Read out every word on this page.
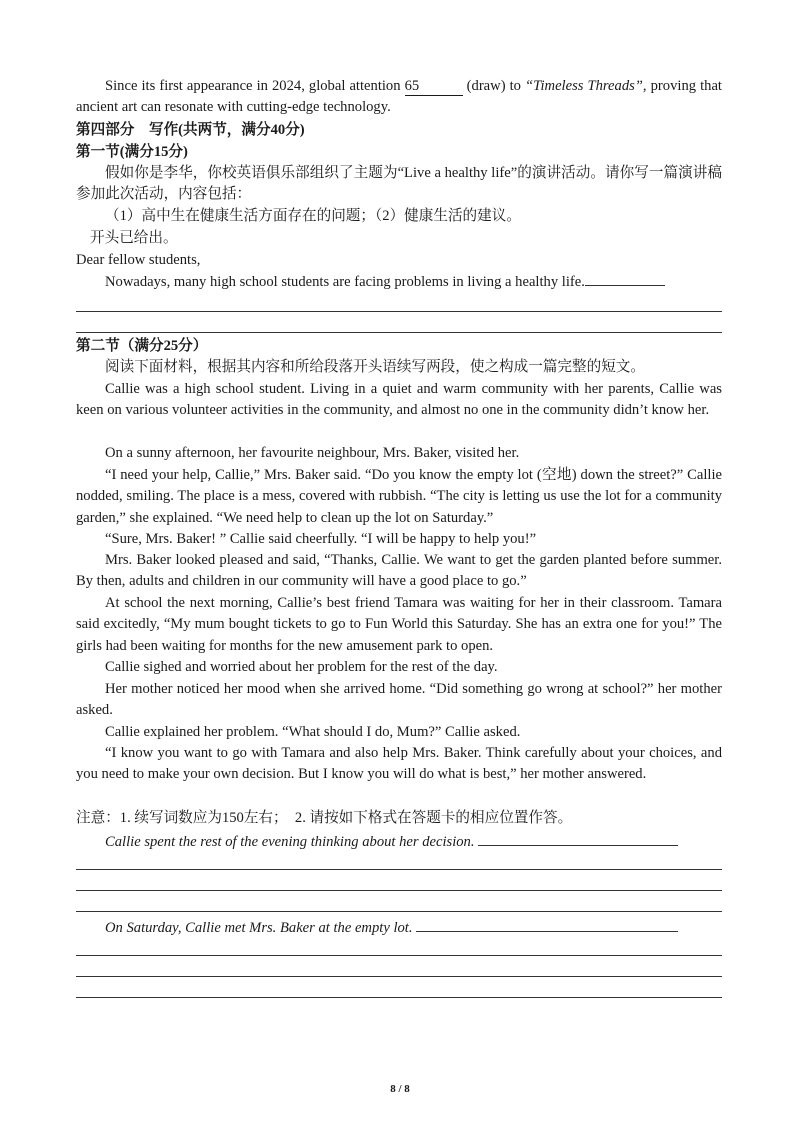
Since its first appearance in 2024, global attention 65	(draw) to “Timeless Threads”, proving that ancient art can resonate with cutting-edge technology.

第四部分　写作(共两节，满分40分)

第一节(满分15分)

假如你是李华，你校英语俱乐部组织了主题为“Live a healthy life”的演讲活动。请你写一篇演讲稿参加此次活动，内容包括：

（1）高中生在健康生活方面存在的问题；（2）健康生活的建议。

开头已给出。

Dear fellow students,

Nowadays, many high school students are facing problems in living a healthy life.

第二节（满分25分）

阅读下面材料，根据其内容和所给段落开头语续写两段，使之构成一篇完整的短文。

Callie was a high school student. Living in a quiet and warm community with her parents, Callie was keen on various volunteer activities in the community, and almost no one in the community didn’t know her.

On a sunny afternoon, her favourite neighbour, Mrs. Baker, visited her.

“I need your help, Callie,” Mrs. Baker said. “Do you know the empty lot (空地) down the street?” Callie nodded, smiling. The place is a mess, covered with rubbish. “The city is letting us use the lot for a community garden,” she explained. “We need help to clean up the lot on Saturday.”

“Sure, Mrs. Baker! ” Callie said cheerfully. “I will be happy to help you!”

Mrs. Baker looked pleased and said, “Thanks, Callie. We want to get the garden planted before summer. By then, adults and children in our community will have a good place to go.”

At school the next morning, Callie’s best friend Tamara was waiting for her in their classroom. Tamara said excitedly, “My mum bought tickets to go to Fun World this Saturday. She has an extra one for you!” The girls had been waiting for months for the new amusement park to open.

Callie sighed and worried about her problem for the rest of the day.

Her mother noticed her mood when she arrived home. “Did something go wrong at school?” her mother asked.

Callie explained her problem. “What should I do, Mum?” Callie asked.

“I know you want to go with Tamara and also help Mrs. Baker. Think carefully about your choices, and you need to make your own decision. But I know you will do what is best,” her mother answered.

注意：1. 续写词数应为150左右；　2. 请按如下格式在答题卡的相应位置作答。

Callie spent the rest of the evening thinking about her decision.

On Saturday, Callie met Mrs. Baker at the empty lot.

8 / 8
